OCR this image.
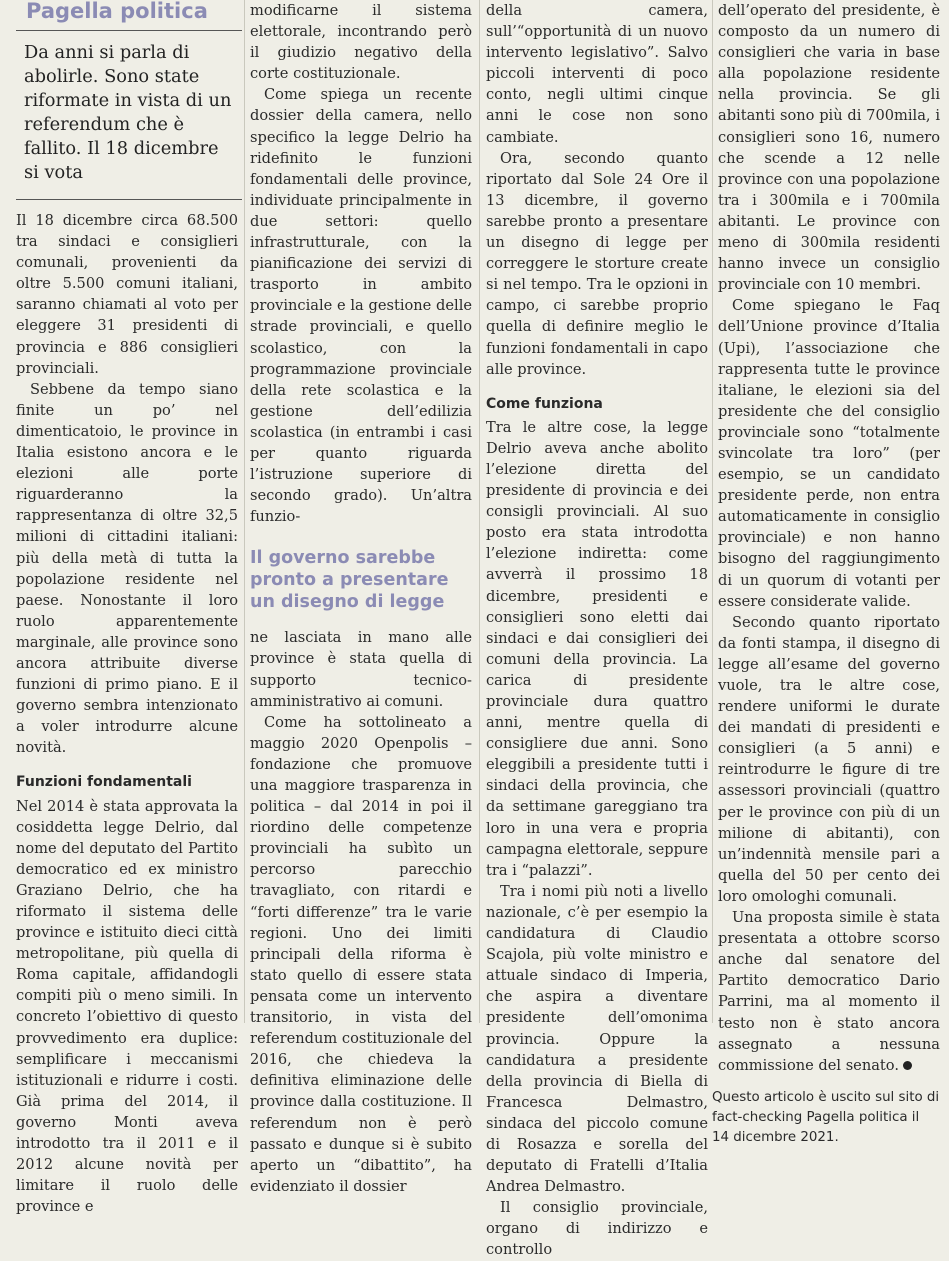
Pagella politica

Da anni si parla di abolirle. Sono state riformate in vista di un referendum che è fallito. Il 18 dicembre si vota

Il 18 dicembre circa 68.500 tra sindaci e consiglieri comunali, provenienti da oltre 5.500 comuni italiani, saranno chiamati al voto per eleggere 31 presidenti di provincia e 886 consiglieri provinciali.

Sebbene da tempo siano finite un po’ nel dimenticatoio, le province in Italia esistono ancora e le elezioni alle porte riguarderanno la rappresentanza di oltre 32,5 milioni di cittadini italiani: più della metà di tutta la popolazione residente nel paese. Nonostante il loro ruolo apparentemente marginale, alle province sono ancora attribuite diverse funzioni di primo piano. E il governo sembra intenzionato a voler introdurre alcune novità.

Funzioni fondamentali

Nel 2014 è stata approvata la cosiddetta legge Delrio, dal nome del deputato del Partito democratico ed ex ministro Graziano Delrio, che ha riformato il sistema delle province e istituito dieci città metropolitane, più quella di Roma capitale, affidandogli compiti più o meno simili. In concreto l’obiettivo di questo provvedimento era duplice: semplificare i meccanismi istituzionali e ridurre i costi. Già prima del 2014, il governo Monti aveva introdotto tra il 2011 e il 2012 alcune novità per limitare il ruolo delle province e

modificarne il sistema elettorale, incontrando però il giudizio negativo della corte costituzionale.

Come spiega un recente dossier della camera, nello specifico la legge Delrio ha ridefinito le funzioni fondamentali delle province, individuate principalmente in due settori: quello infrastrutturale, con la pianificazione dei servizi di trasporto in ambito provinciale e la gestione delle strade provinciali, e quello scolastico, con la programmazione provinciale della rete scolastica e la gestione dell’edilizia scolastica (in entrambi i casi per quanto riguarda l’istruzione superiore di secondo grado). Un’altra funzio-

Il governo sarebbe pronto a presentare un disegno di legge

ne lasciata in mano alle province è stata quella di supporto tecnico-amministrativo ai comuni.

Come ha sottolineato a maggio 2020 Openpolis – fondazione che promuove una maggiore trasparenza in politica – dal 2014 in poi il riordino delle competenze provinciali ha subìto un percorso parecchio travagliato, con ritardi e “forti differenze” tra le varie regioni. Uno dei limiti principali della riforma è stato quello di essere stata pensata come un intervento transitorio, in vista del referendum costituzionale del 2016, che chiedeva la definitiva eliminazione delle province dalla costituzione. Il referendum non è però passato e dunque si è subito aperto un “dibattito”, ha evidenziato il dossier

della camera, sull’“opportunità di un nuovo intervento legislativo”. Salvo piccoli interventi di poco conto, negli ultimi cinque anni le cose non sono cambiate.

Ora, secondo quanto riportato dal Sole 24 Ore il 13 dicembre, il governo sarebbe pronto a presentare un disegno di legge per correggere le storture create si nel tempo. Tra le opzioni in campo, ci sarebbe proprio quella di definire meglio le funzioni fondamentali in capo alle province.

Come funziona

Tra le altre cose, la legge Delrio aveva anche abolito l’elezione diretta del presidente di provincia e dei consigli provinciali. Al suo posto era stata introdotta l’elezione indiretta: come avverrà il prossimo 18 dicembre, presidenti e consiglieri sono eletti dai sindaci e dai consiglieri dei comuni della provincia. La carica di presidente provinciale dura quattro anni, mentre quella di consigliere due anni. Sono eleggibili a presidente tutti i sindaci della provincia, che da settimane gareggiano tra loro in una vera e propria campagna elettorale, seppure tra i “palazzi”.

Tra i nomi più noti a livello nazionale, c’è per esempio la candidatura di Claudio Scajola, più volte ministro e attuale sindaco di Imperia, che aspira a diventare presidente dell’omonima provincia. Oppure la candidatura a presidente della provincia di Biella di Francesca Delmastro, sindaca del piccolo comune di Rosazza e sorella del deputato di Fratelli d’Italia Andrea Delmastro.

Il consiglio provinciale, organo di indirizzo e controllo

dell’operato del presidente, è composto da un numero di consiglieri che varia in base alla popolazione residente nella provincia. Se gli abitanti sono più di 700mila, i consiglieri sono 16, numero che scende a 12 nelle province con una popolazione tra i 300mila e i 700mila abitanti. Le province con meno di 300mila residenti hanno invece un consiglio provinciale con 10 membri.

Come spiegano le Faq dell’Unione province d’Italia (Upi), l’associazione che rappresenta tutte le province italiane, le elezioni sia del presidente che del consiglio provinciale sono “totalmente svincolate tra loro” (per esempio, se un candidato presidente perde, non entra automaticamente in consiglio provinciale) e non hanno bisogno del raggiungimento di un quorum di votanti per essere considerate valide.

Secondo quanto riportato da fonti stampa, il disegno di legge all’esame del governo vuole, tra le altre cose, rendere uniformi le durate dei mandati di presidenti e consiglieri (a 5 anni) e reintrodurre le figure di tre assessori provinciali (quattro per le province con più di un milione di abitanti), con un’indennità mensile pari a quella del 50 per cento dei loro omologhi comunali.

Una proposta simile è stata presentata a ottobre scorso anche dal senatore del Partito democratico Dario Parrini, ma al momento il testo non è stato ancora assegnato a nessuna commissione del senato.

Questo articolo è uscito sul sito di fact-checking Pagella politica il 14 dicembre 2021.
